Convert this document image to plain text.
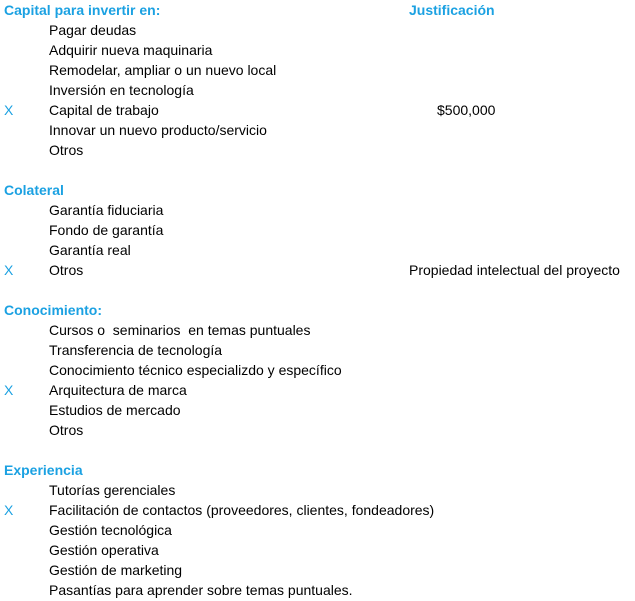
Capital para invertir en:	Justificación
Pagar deudas
Adquirir nueva maquinaria
Remodelar, ampliar o un nuevo local
Inversión en tecnología
X	Capital de trabajo	$500,000
Innovar un nuevo producto/servicio
Otros
Colateral
Garantía fiduciaria
Fondo de garantía
Garantía real
X	Otros	Propiedad intelectual del proyecto
Conocimiento:
Cursos o  seminarios  en temas puntuales
Transferencia de tecnología
Conocimiento técnico especializdo y específico
X	Arquitectura de marca
Estudios de mercado
Otros
Experiencia
Tutorías gerenciales
X	Facilitación de contactos (proveedores, clientes, fondeadores)
Gestión tecnológica
Gestión operativa
Gestión de marketing
Pasantías para aprender sobre temas puntuales.
